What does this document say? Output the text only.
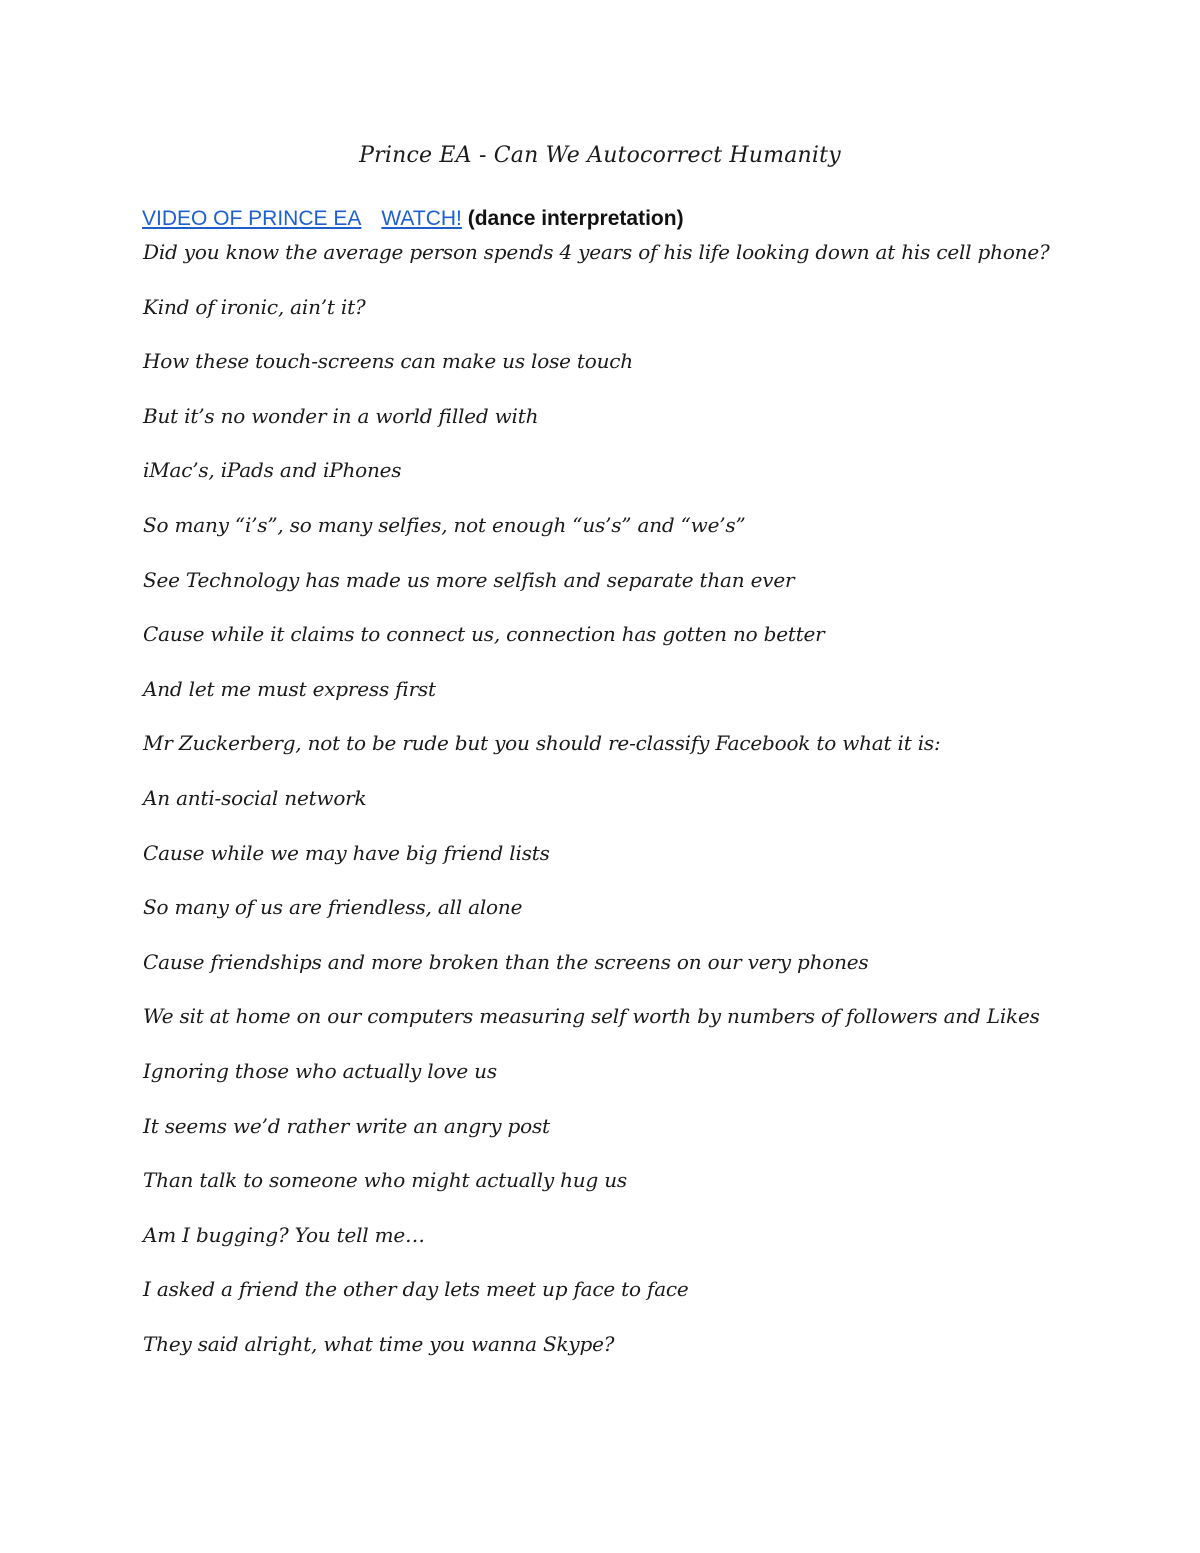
Prince EA - Can We Autocorrect Humanity
VIDEO OF PRINCE EA WATCH! (dance interpretation)
Did you know the average person spends 4 years of his life looking down at his cell phone?
Kind of ironic, ain’t it?
How these touch-screens can make us lose touch
But it’s no wonder in a world filled with
iMac’s, iPads and iPhones
So many “i’s”, so many selfies, not enough “us’s” and “we’s”
See Technology has made us more selfish and separate than ever
Cause while it claims to connect us, connection has gotten no better
And let me must express first
Mr Zuckerberg, not to be rude but you should re-classify Facebook to what it is:
An anti-social network
Cause while we may have big friend lists
So many of us are friendless, all alone
Cause friendships and more broken than the screens on our very phones
We sit at home on our computers measuring self worth by numbers of followers and Likes
Ignoring those who actually love us
It seems we’d rather write an angry post
Than talk to someone who might actually hug us
Am I bugging? You tell me…
I asked a friend the other day lets meet up face to face
They said alright, what time you wanna Skype?
